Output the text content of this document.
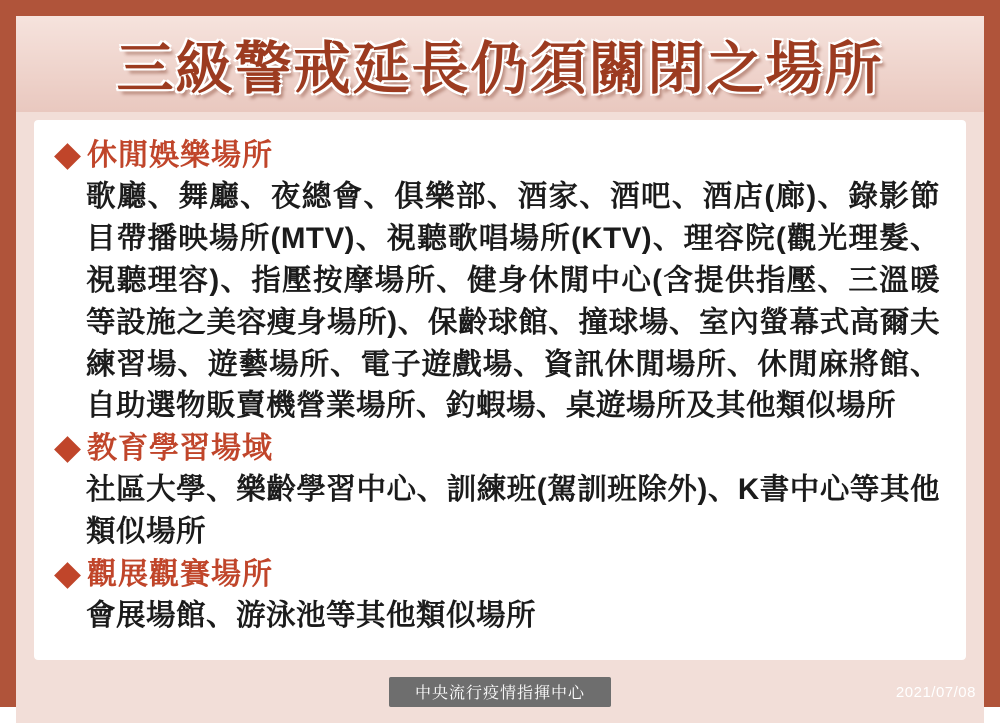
三級警戒延長仍須關閉之場所
休閒娛樂場所
歌廳、舞廳、夜總會、俱樂部、酒家、酒吧、酒店(廊)、錄影節目帶播映場所(MTV)、視聽歌唱場所(KTV)、理容院(觀光理髮、視聽理容)、指壓按摩場所、健身休閒中心(含提供指壓、三溫暖等設施之美容瘦身場所)、保齡球館、撞球場、室內螢幕式高爾夫練習場、遊藝場所、電子遊戲場、資訊休閒場所、休閒麻將館、自助選物販賣機營業場所、釣蝦場、桌遊場所及其他類似場所
教育學習場域
社區大學、樂齡學習中心、訓練班(駕訓班除外)、K書中心等其他類似場所
觀展觀賽場所
會展場館、游泳池等其他類似場所
中央流行疫情指揮中心	2021/07/08
